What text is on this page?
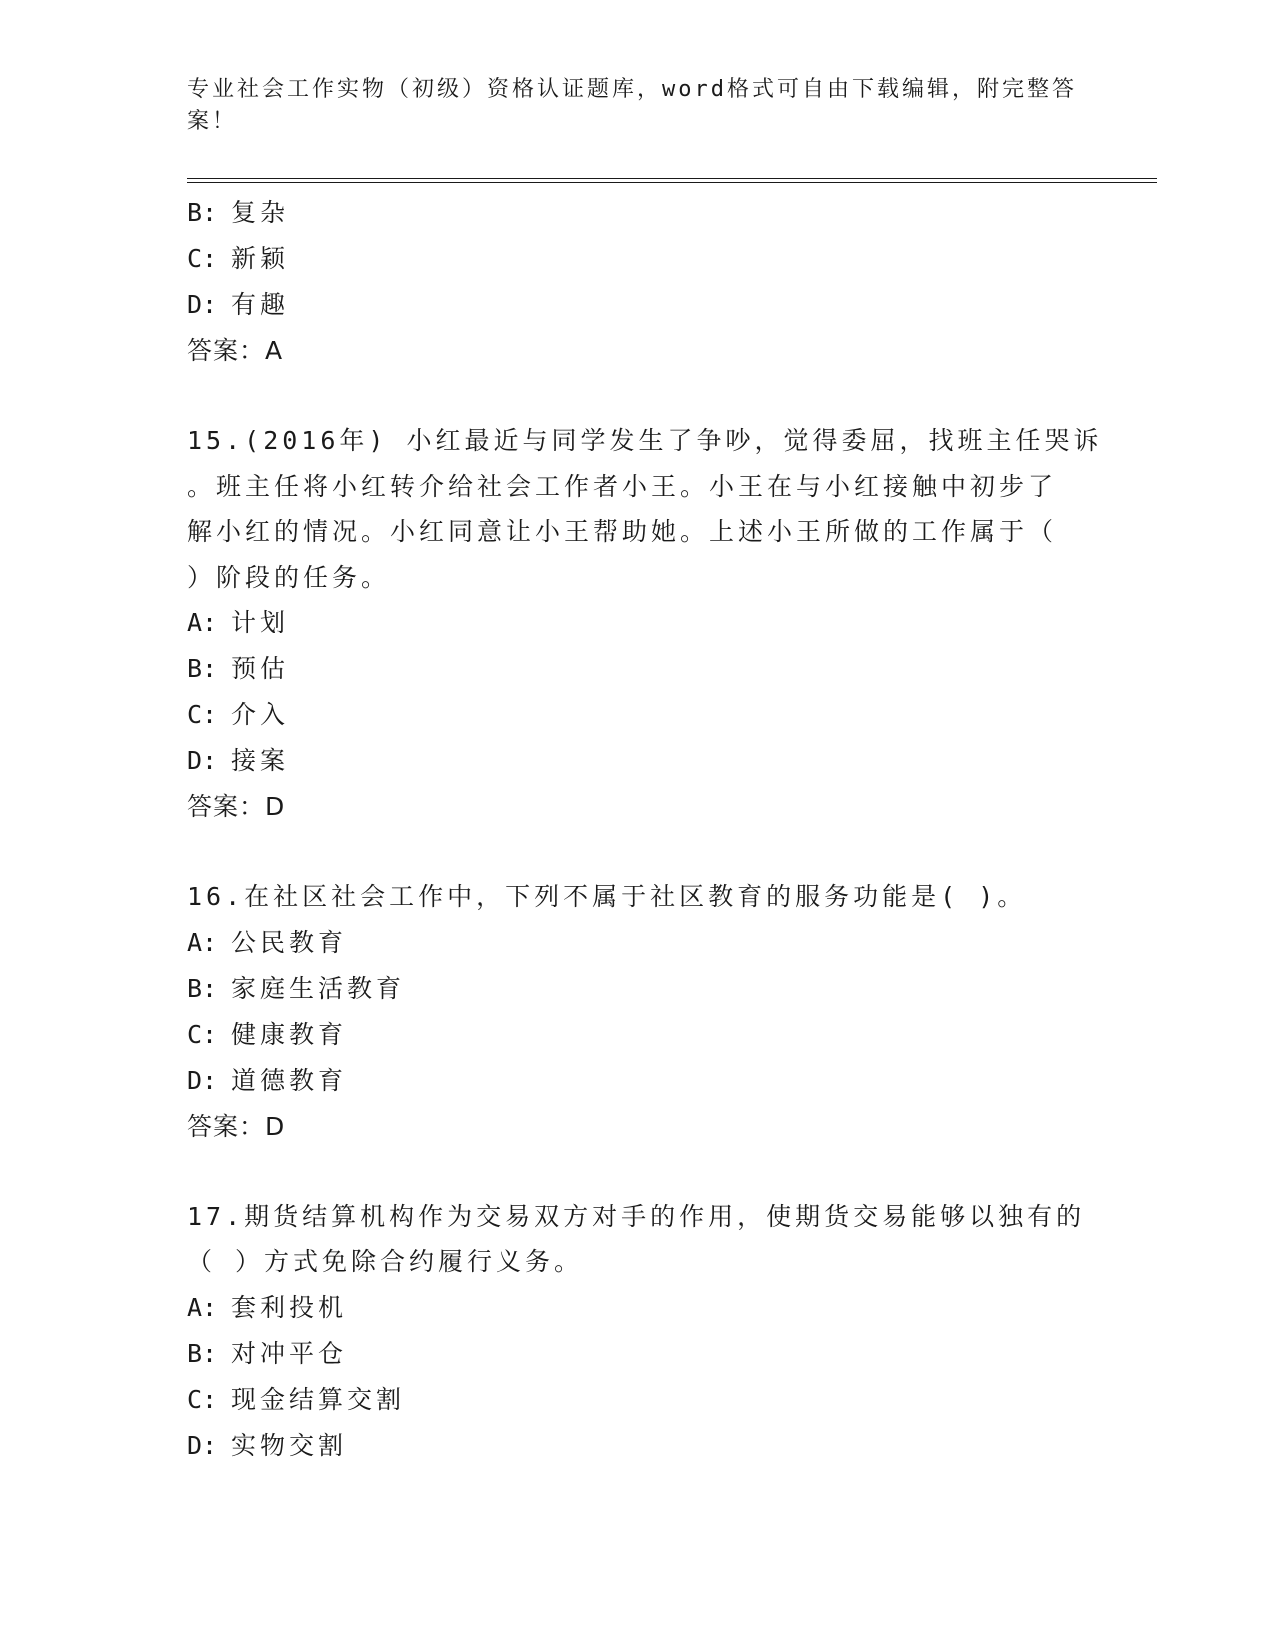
专业社会工作实物（初级）资格认证题库，word格式可自由下载编辑，附完整答案！
B: 复杂
C: 新颖
D: 有趣
答案：A
15.(2016年) 小红最近与同学发生了争吵，觉得委屈，找班主任哭诉
。班主任将小红转介给社会工作者小王。小王在与小红接触中初步了
解小红的情况。小红同意让小王帮助她。上述小王所做的工作属于（
）阶段的任务。
A: 计划
B: 预估
C: 介入
D: 接案
答案：D
16.在社区社会工作中，下列不属于社区教育的服务功能是( )。
A: 公民教育
B: 家庭生活教育
C: 健康教育
D: 道德教育
答案：D
17.期货结算机构作为交易双方对手的作用，使期货交易能够以独有的
（ ）方式免除合约履行义务。
A: 套利投机
B: 对冲平仓
C: 现金结算交割
D: 实物交割
